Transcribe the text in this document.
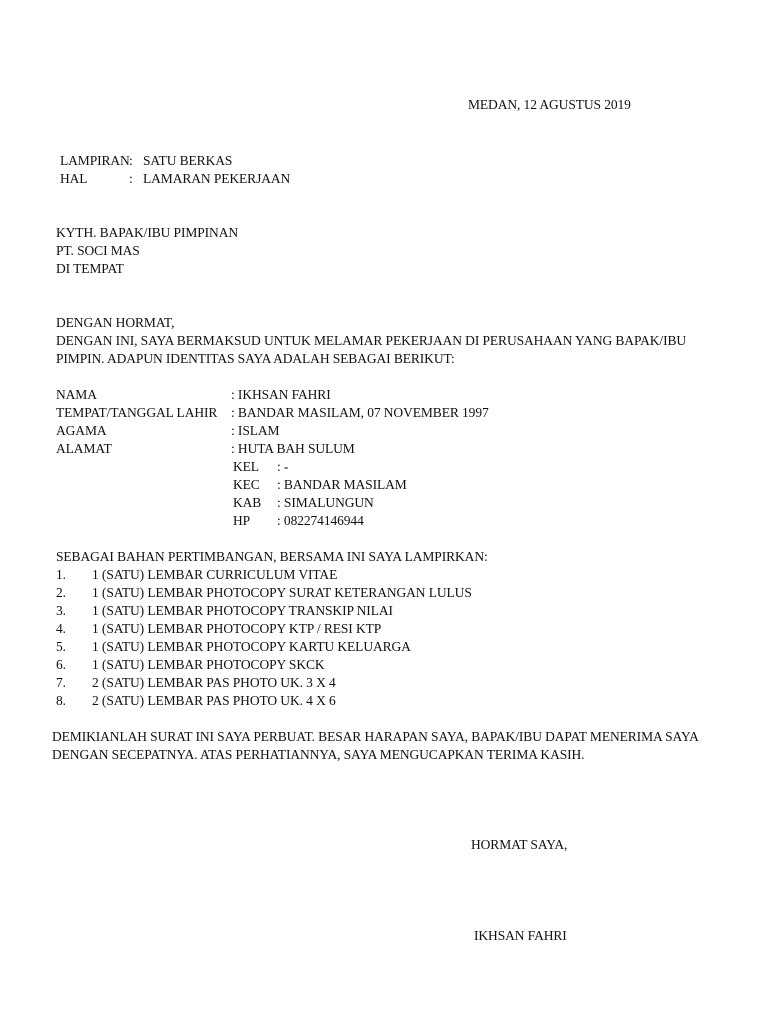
MEDAN, 12 AGUSTUS 2019
LAMPIRAN : SATU BERKAS
HAL	: LAMARAN PEKERJAAN
KYTH. BAPAK/IBU PIMPINAN
PT. SOCI MAS
DI TEMPAT
DENGAN HORMAT,
DENGAN INI, SAYA BERMAKSUD UNTUK MELAMAR PEKERJAAN DI PERUSAHAAN YANG BAPAK/IBU
PIMPIN. ADAPUN IDENTITAS SAYA ADALAH SEBAGAI BERIKUT:
NAMA	: IKHSAN FAHRI
TEMPAT/TANGGAL LAHIR : BANDAR MASILAM, 07 NOVEMBER 1997
AGAMA	: ISLAM
ALAMAT	: HUTA BAH SULUM
KEL : -
KEC : BANDAR MASILAM
KAB : SIMALUNGUN
HP : 082274146944
SEBAGAI BAHAN PERTIMBANGAN, BERSAMA INI SAYA LAMPIRKAN:
1. 1 (SATU) LEMBAR CURRICULUM VITAE
2. 1 (SATU) LEMBAR PHOTOCOPY SURAT KETERANGAN LULUS
3. 1 (SATU) LEMBAR PHOTOCOPY TRANSKIP NILAI
4. 1 (SATU) LEMBAR PHOTOCOPY KTP / RESI KTP
5. 1 (SATU) LEMBAR PHOTOCOPY KARTU KELUARGA
6. 1 (SATU) LEMBAR PHOTOCOPY SKCK
7. 2 (SATU) LEMBAR PAS PHOTO UK. 3 X 4
8. 2 (SATU) LEMBAR PAS PHOTO UK. 4 X 6
DEMIKIANLAH SURAT INI SAYA PERBUAT. BESAR HARAPAN SAYA, BAPAK/IBU DAPAT MENERIMA SAYA
DENGAN SECEPATNYA. ATAS PERHATIANNYA, SAYA MENGUCAPKAN TERIMA KASIH.
HORMAT SAYA,
IKHSAN FAHRI
